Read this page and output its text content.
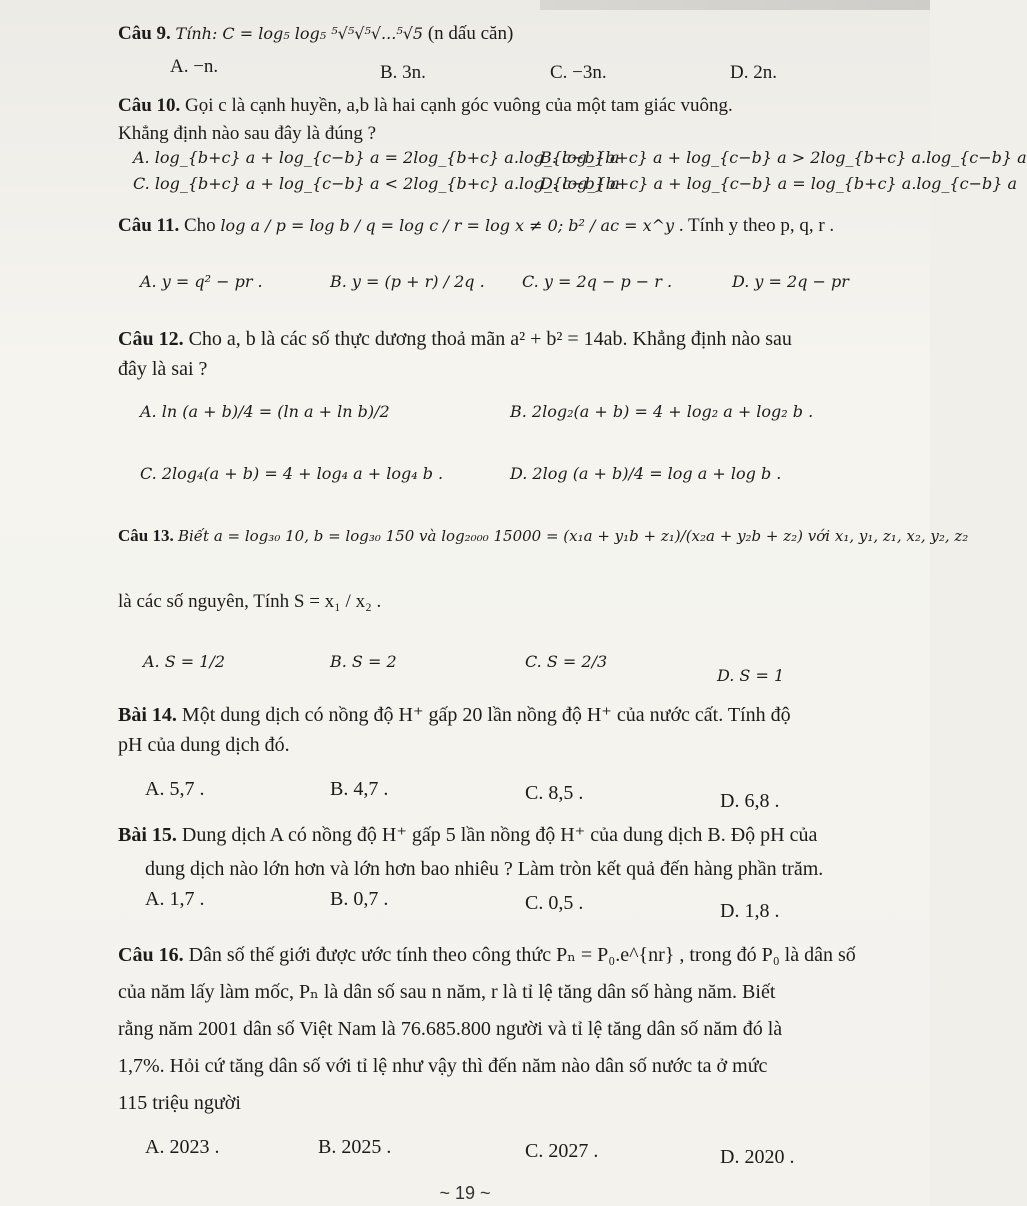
Câu 9. Tính: C = log₅ log₅ ⁵√⁵√⁵√...⁵√5 (n dấu căn)
A. −n.	B. 3n.	C. −3n.	D. 2n.
Câu 10. Gọi c là cạnh huyền, a,b là hai cạnh góc vuông của một tam giác vuông.
Khẳng định nào sau đây là đúng ?
A. log_{b+c} a + log_{c−b} a = 2log_{b+c} a.log_{c−b} a
B. log_{b+c} a + log_{c−b} a > 2log_{b+c} a.log_{c−b} a
C. log_{b+c} a + log_{c−b} a < 2log_{b+c} a.log_{c−b} a
D. log_{b+c} a + log_{c−b} a = log_{b+c} a.log_{c−b} a
Câu 11. Cho log a / p = log b / q = log c / r = log x ≠ 0; b² / ac = x^y . Tính y theo p, q, r .
A. y = q² − pr .	B. y = (p + r) / 2q . C. y = 2q − p − r .	D. y = 2q − pr
Câu 12. Cho a, b là các số thực dương thoả mãn a² + b² = 14ab. Khẳng định nào sau
đây là sai ?
A. ln (a + b)/4 = (ln a + ln b)/2	B. 2log₂(a + b) = 4 + log₂ a + log₂ b .
C. 2log₄(a + b) = 4 + log₄ a + log₄ b .	D. 2log (a + b)/4 = log a + log b .
Câu 13. Biết a = log₃₀ 10, b = log₃₀ 150 và log₂₀₀₀ 15000 = (x₁a + y₁b + z₁)/(x₂a + y₂b + z₂) với x₁, y₁, z₁, x₂, y₂, z₂
là các số nguyên, Tính S = x₁ / x₂ .
A. S = 1/2	B. S = 2	C. S = 2/3
D. S = 1
Bài 14. Một dung dịch có nồng độ H⁺ gấp 20 lần nồng độ H⁺ của nước cất. Tính độ
pH của dung dịch đó.
A. 5,7 .	B. 4,7 .	C. 8,5 .	D. 6,8 .
Bài 15. Dung dịch A có nồng độ H⁺ gấp 5 lần nồng độ H⁺ của dung dịch B. Độ pH của
dung dịch nào lớn hơn và lớn hơn bao nhiêu ? Làm tròn kết quả đến hàng phần trăm.
A. 1,7 .	B. 0,7 .	C. 0,5 .	D. 1,8 .
Câu 16. Dân số thế giới được ước tính theo công thức Pₙ = P₀.e^{nr} , trong đó P₀ là dân số
của năm lấy làm mốc, Pₙ là dân số sau n năm, r là tỉ lệ tăng dân số hàng năm. Biết
rằng năm 2001 dân số Việt Nam là 76.685.800 người và tỉ lệ tăng dân số năm đó là
1,7%. Hỏi cứ tăng dân số với tỉ lệ như vậy thì đến năm nào dân số nước ta ở mức
115 triệu người
A. 2023 .	B. 2025 .	C. 2027 .	D. 2020 .
~ 19 ~
